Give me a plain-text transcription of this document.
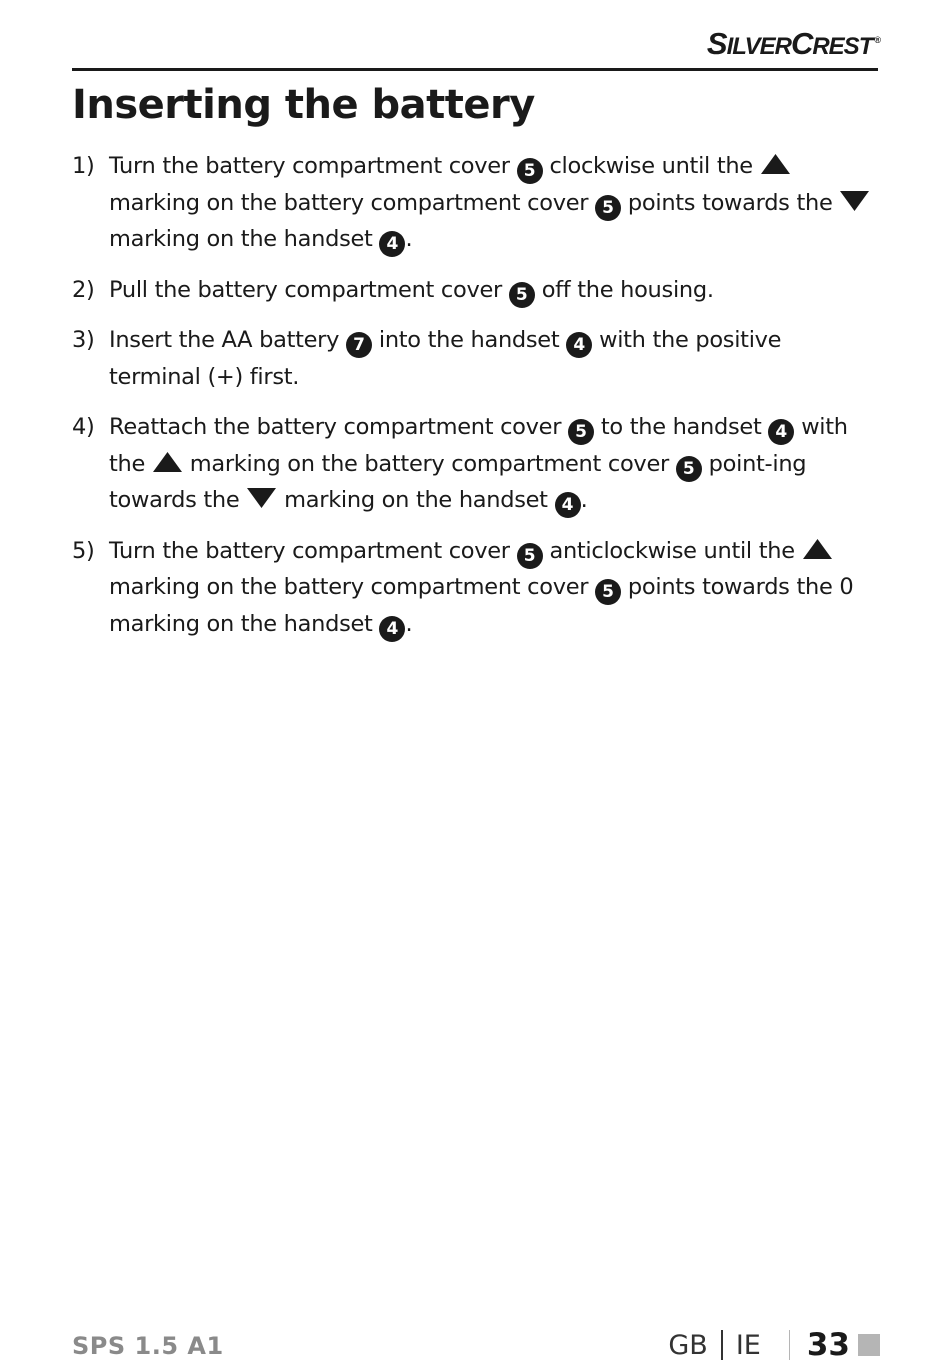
SILVERCREST ®
Inserting the battery
1) Turn the battery compartment cover 5 clockwise until the
marking on the battery compartment cover 5 points towards the
marking on the handset 4 .
2) Pull the battery compartment cover 5 off the housing.
3) Insert the AA battery 7 into the handset 4 with the positive terminal (+) first.
4) Reattach the battery compartment cover 5 to the handset 4 with the
marking on the battery compartment cover 5 point-ing towards the
marking on the handset 4 .
5) Turn the battery compartment cover 5 anticlockwise until the
marking on the battery compartment cover 5 points towards the 0 marking on the handset 4 .
SPS 1.5 A1	GB IE 33
